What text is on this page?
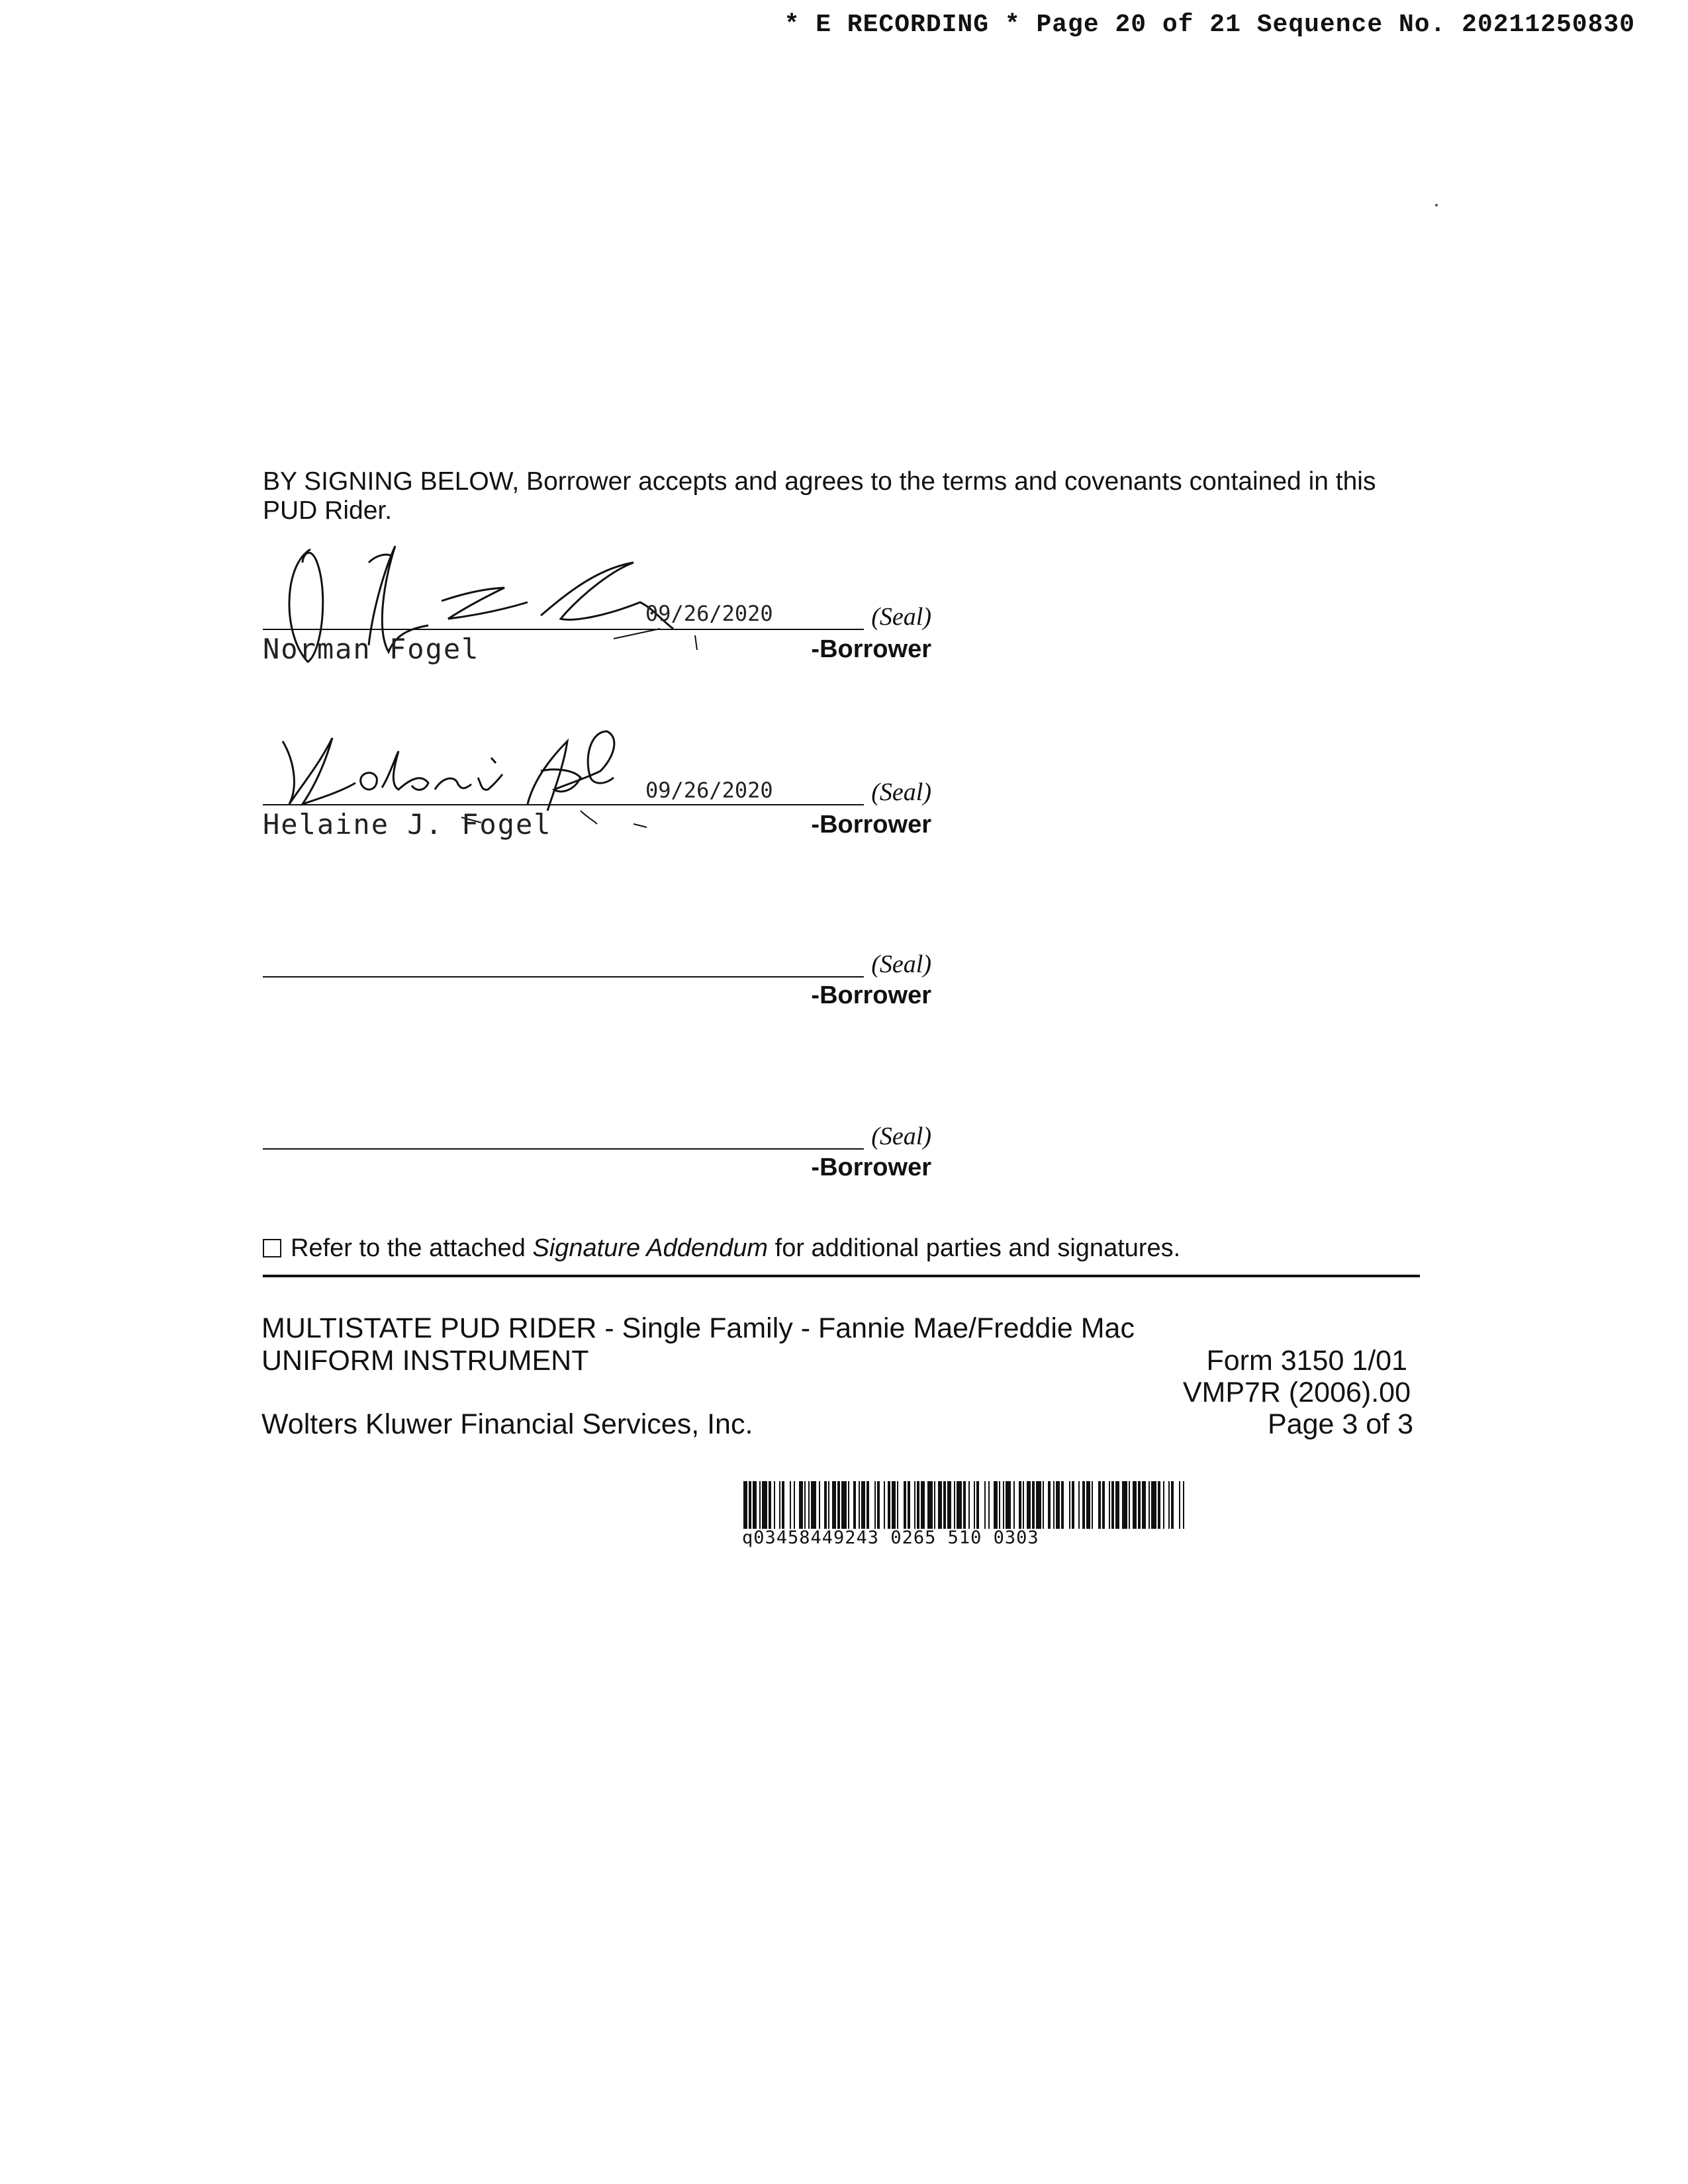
* E RECORDING * Page 20 of 21 Sequence No. 20211250830
BY SIGNING BELOW, Borrower accepts and agrees to the terms and covenants contained in this PUD Rider.
09/26/2020	(Seal)
Norman Fogel	-Borrower
09/26/2020	(Seal)
Helaine J. Fogel	-Borrower
(Seal)
-Borrower
(Seal)
-Borrower
Refer to the attached Signature Addendum for additional parties and signatures.
MULTISTATE PUD RIDER - Single Family - Fannie Mae/Freddie Mac
UNIFORM INSTRUMENT	Form 3150 1/01
VMP7R (2006).00
Wolters Kluwer Financial Services, Inc.	Page 3 of 3
q03458449243 0265 510 0303
